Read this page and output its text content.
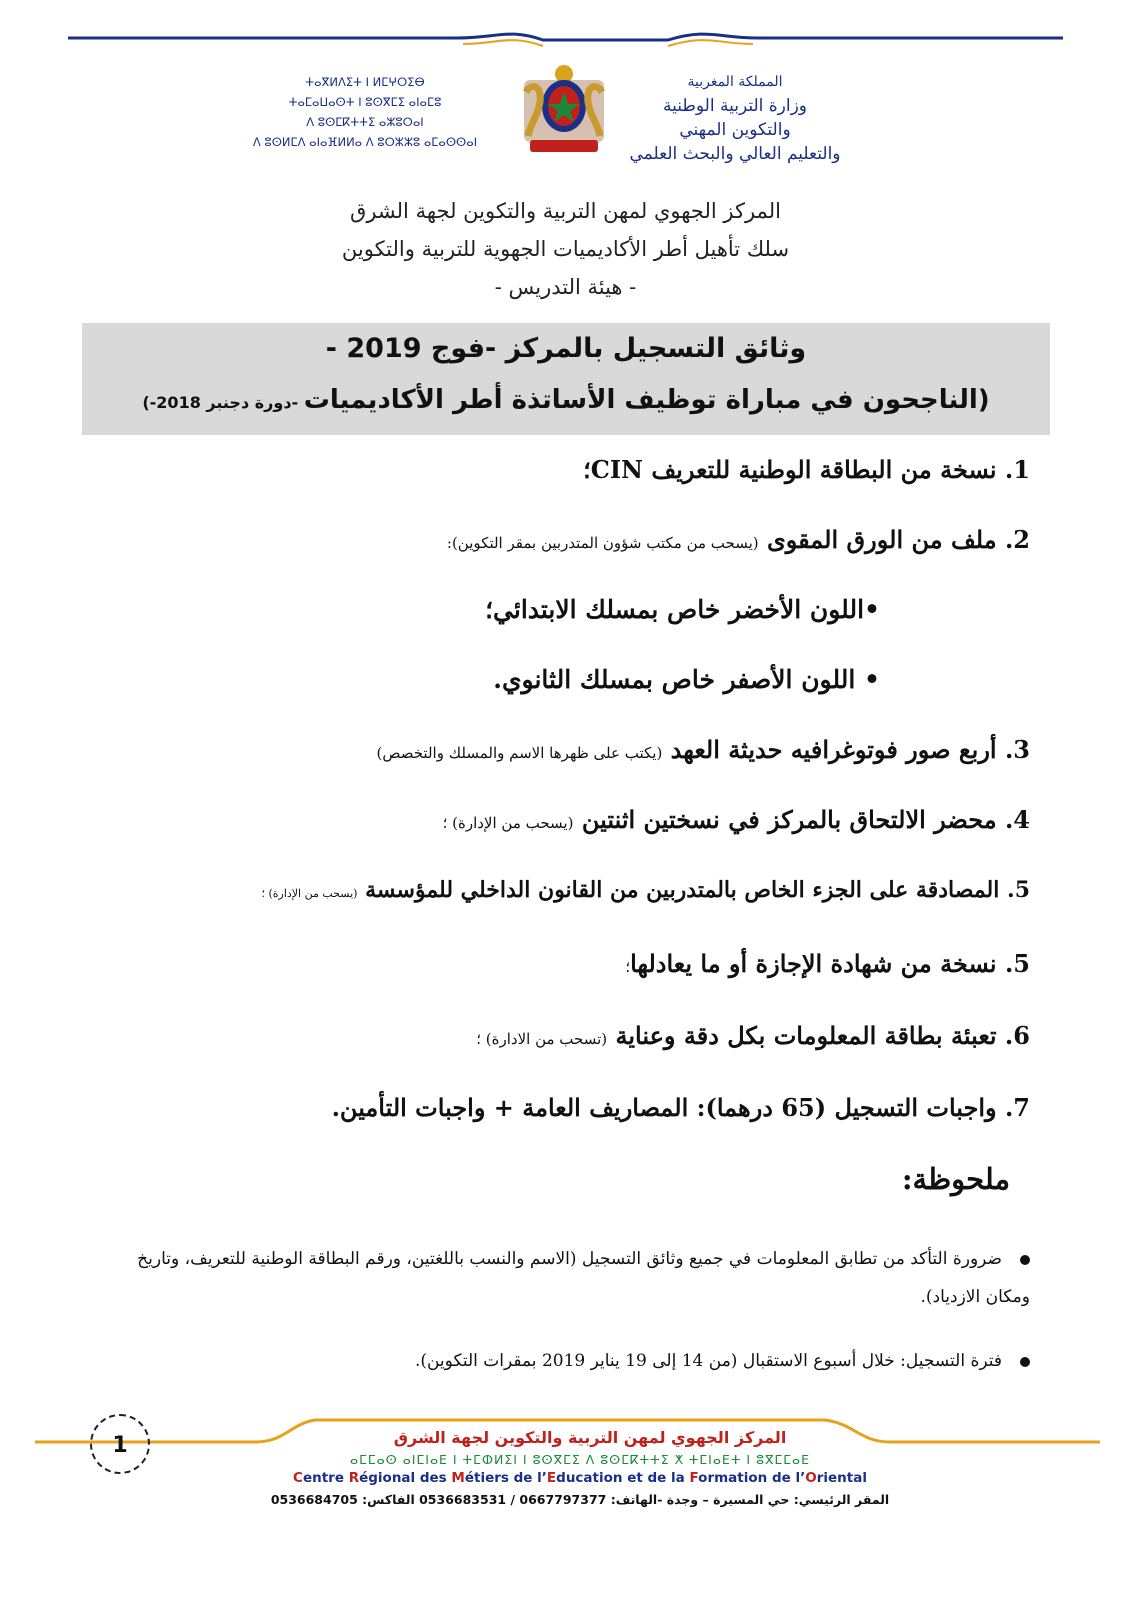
ⵜⴰⴳⵍⴷⵉⵜ ⵏ ⵍⵎⵖⵔⵉⴱ
ⵜⴰⵎⴰⵡⴰⵙⵜ ⵏ ⵓⵙⴳⵎⵉ ⴰⵏⴰⵎⵓ
ⴷ ⵓⵙⵎⴽⵜⵜⵉ ⴰⵣⵓⵔⴰⵏ
ⴷ ⵓⵙⵍⵎⴷ ⴰⵏⴰⴼⵍⵍⴰ ⴷ ⵓⵔⵣⵣⵓ ⴰⵎⴰⵙⵙⴰⵏ
المملكة المغربية
وزارة التربية الوطنية
والتكوين المهني
والتعليم العالي والبحث العلمي
المركز الجهوي لمهن التربية والتكوين لجهة الشرق
سلك تأهيل أطر الأكاديميات الجهوية للتربية والتكوين
- هيئة التدريس -
وثائق التسجيل بالمركز -فوج 2019 -
(الناجحون في مباراة توظيف الأساتذة أطر الأكاديميات -دورة دجنبر 2018-)
1. نسخة من البطاقة الوطنية للتعريف CIN؛
2. ملف من الورق المقوى (يسحب من مكتب شؤون المتدربين بمقر التكوين):
•اللون الأخضر خاص بمسلك الابتدائي؛
• اللون الأصفر خاص بمسلك الثانوي.
3. أربع صور فوتوغرافيه حديثة العهد (يكتب على ظهرها الاسم والمسلك والتخصص)
4. محضر الالتحاق بالمركز في نسختين اثنتين (يسحب من الإدارة) ؛
5. المصادقة على الجزء الخاص بالمتدربين من القانون الداخلي للمؤسسة (يسحب من الإدارة) ؛
5. نسخة من شهادة الإجازة أو ما يعادلها؛
6. تعبئة بطاقة المعلومات بكل دقة وعناية (تسحب من الادارة) ؛
7. واجبات التسجيل (65 درهما): المصاريف العامة + واجبات التأمين.
ملحوظة:
ضرورة التأكد من تطابق المعلومات في جميع وثائق التسجيل (الاسم والنسب باللغتين، ورقم البطاقة الوطنية للتعريف، وتاريخ ومكان الازدياد).
فترة التسجيل: خلال أسبوع الاستقبال (من 14 إلى 19 يناير 2019 بمقرات التكوين).
1	المركز الجهوي لمهن التربية والتكوين لجهة الشرق
ⴰⵎⵎⴰⵙ ⴰⵏⵎⵏⴰⴹ ⵏ ⵜⵎⵀⵍⵉⵏ ⵏ ⵓⵙⴳⵎⵉ ⴷ ⵓⵙⵎⴽⵜⵜⵉ ⵅ ⵜⵎⵏⴰⴹⵜ ⵏ ⵓⴳⵎⵎⴰⴹ
Centre Régional des Métiers de l’Education et de la Formation de l’Oriental
المقر الرئيسي: حي المسيرة – وجدة -الهاتف: 0667797377 / 0536683531 الفاكس: 0536684705
